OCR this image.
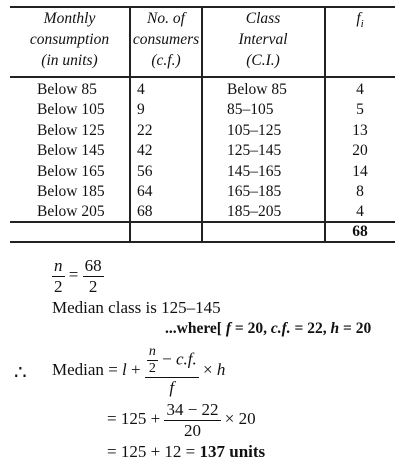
Monthly
consumption
(in units)
No. of
consumers
(c.f.)
Class
Interval
(C.I.)
$f_i$
Below 85
Below 105
Below 125
Below 145
Below 165
Below 185
Below 205
4
9
22
42
56
64
68
Below 85
85–105
105–125
125–145
145–165
165–185
185–205
4
5
13
20
14
8
4
68
$\frac{n}{2} = \frac{68}{2}$
Median class is 125–145
...where[ f = 20, c.f. = 22, h = 20
∴ Median = $l + \frac{\frac{n}{2} - c.f.}{f} \times h$
= $125 + \frac{34 - 22}{20} \times 20$
= 125 + 12 = 137 units
